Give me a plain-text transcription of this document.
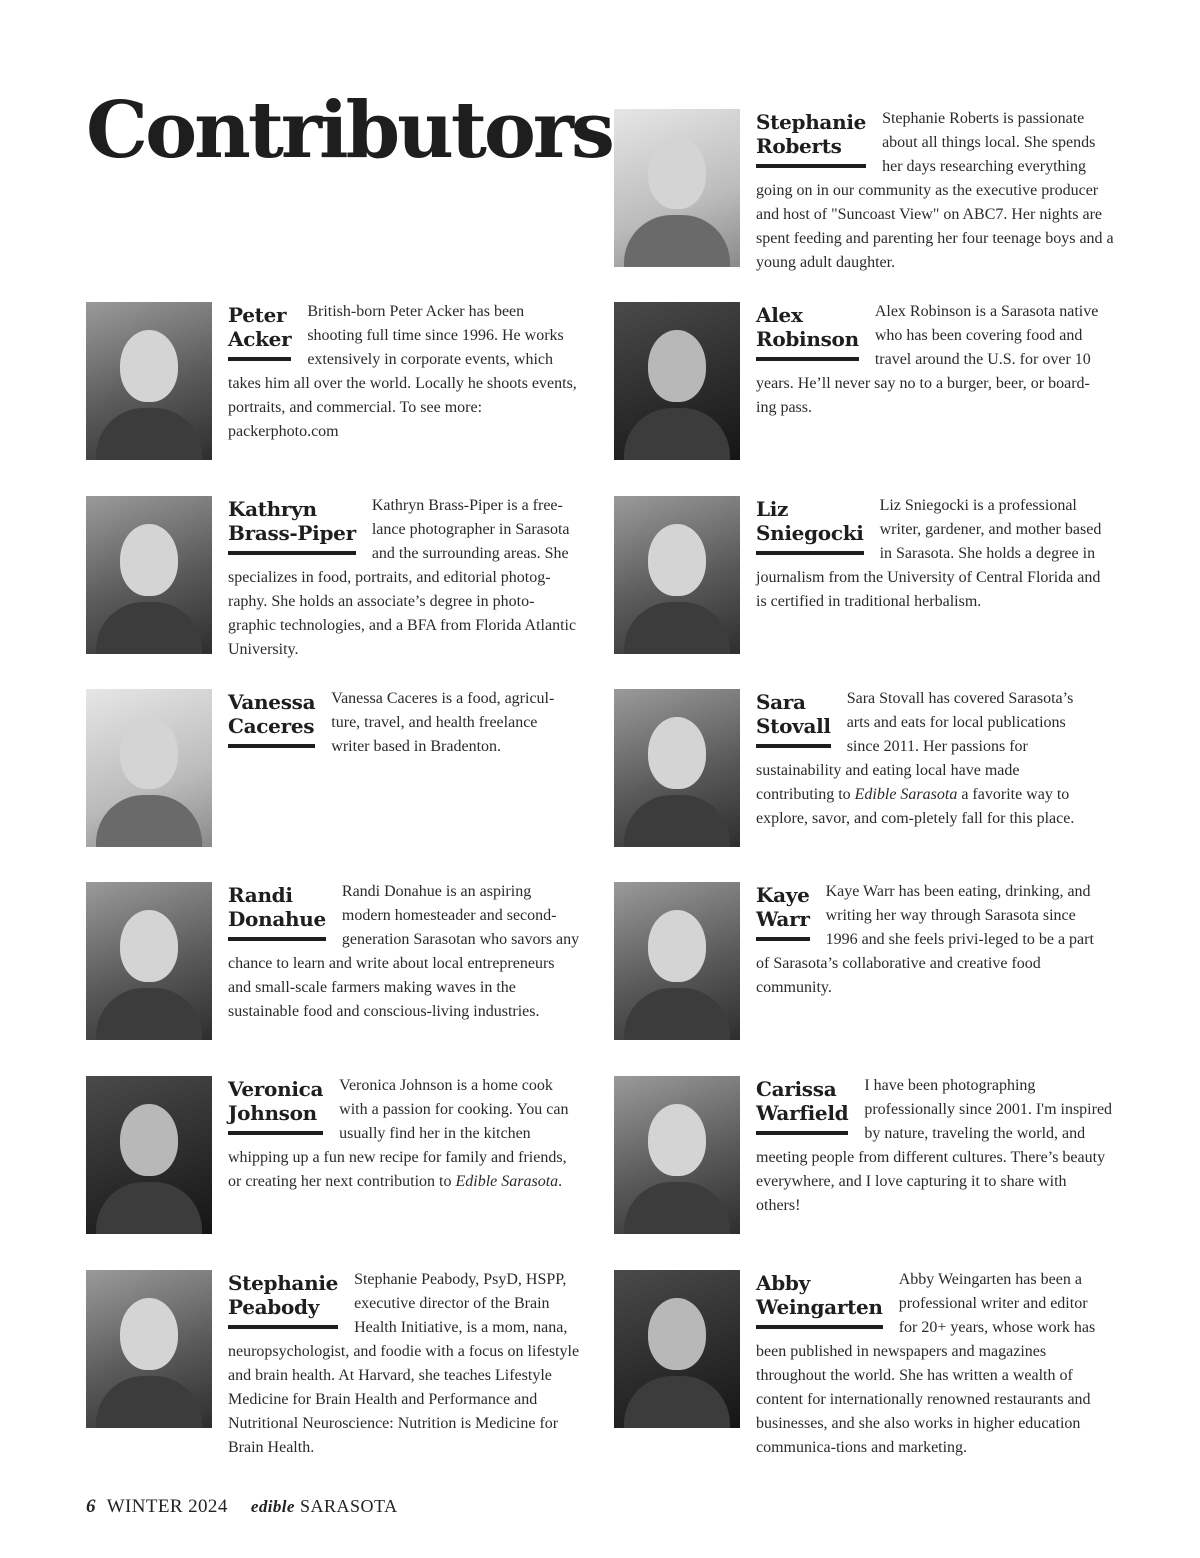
Contributors
Peter
Acker
British-born Peter Acker has been shooting full time since 1996. He works extensively in corporate events, which takes him all over the world. Locally he shoots events, portraits, and commercial. To see more: packerphoto.com
Kathryn
Brass-Piper
Kathryn Brass-Piper is a free-lance photographer in Sarasota and the surrounding areas. She specializes in food, portraits, and editorial photog-raphy. She holds an associate’s degree in photo-graphic technologies, and a BFA from Florida Atlantic University.
Vanessa
Caceres
Vanessa Caceres is a food, agricul-ture, travel, and health freelance writer based in Bradenton.
Randi
Donahue
Randi Donahue is an aspiring modern homesteader and second-generation Sarasotan who savors any chance to learn and write about local entrepreneurs and small-scale farmers making waves in the sustainable food and conscious-living industries.
Veronica
Johnson
Veronica Johnson is a home cook with a passion for cooking. You can usually find her in the kitchen whipping up a fun new recipe for family and friends, or creating her next contribution to Edible Sarasota.
Stephanie
Peabody
Stephanie Peabody, PsyD, HSPP, executive director of the Brain Health Initiative, is a mom, nana, neuropsychologist, and foodie with a focus on lifestyle and brain health. At Harvard, she teaches Lifestyle Medicine for Brain Health and Performance and Nutritional Neuroscience: Nutrition is Medicine for Brain Health.
Stephanie
Roberts
Stephanie Roberts is passionate about all things local. She spends her days researching everything going on in our community as the executive producer and host of "Suncoast View" on ABC7. Her nights are spent feeding and parenting her four teenage boys and a young adult daughter.
Alex
Robinson
Alex Robinson is a Sarasota native who has been covering food and travel around the U.S. for over 10 years. He’ll never say no to a burger, beer, or board-ing pass.
Liz
Sniegocki
Liz Sniegocki is a professional writer, gardener, and mother based in Sarasota. She holds a degree in journalism from the University of Central Florida and is certified in traditional herbalism.
Sara
Stovall
Sara Stovall has covered Sarasota’s arts and eats for local publications since 2011. Her passions for sustainability and eating local have made contributing to Edible Sarasota a favorite way to explore, savor, and com-pletely fall for this place.
Kaye
Warr
Kaye Warr has been eating, drinking, and writing her way through Sarasota since 1996 and she feels privi-leged to be a part of Sarasota’s collaborative and creative food community.
Carissa
Warfield
I have been photographing professionally since 2001. I'm inspired by nature, traveling the world, and meeting people from different cultures. There’s beauty everywhere, and I love capturing it to share with others!
Abby
Weingarten
Abby Weingarten has been a professional writer and editor for 20+ years, whose work has been published in newspapers and magazines throughout the world. She has written a wealth of content for internationally renowned restaurants and businesses, and she also works in higher education communica-tions and marketing.
6 WINTER 2024 edible SARASOTA
